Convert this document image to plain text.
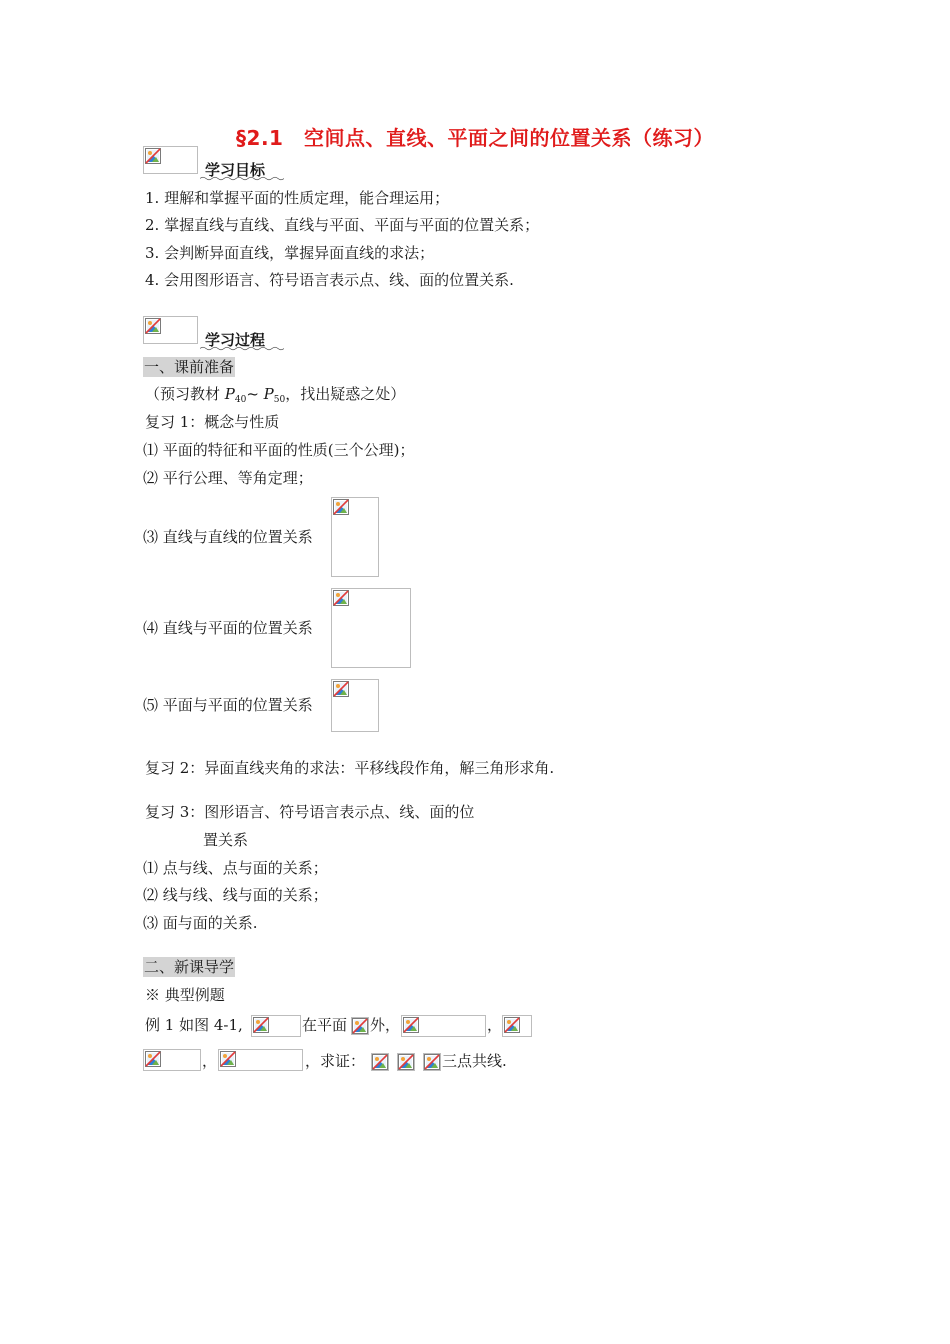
§2.1　空间点、直线、平面之间的位置关系（练习）
学习目标
1. 理解和掌握平面的性质定理，能合理运用；
2. 掌握直线与直线、直线与平面、平面与平面的位置关系；
3. 会判断异面直线，掌握异面直线的求法；
4. 会用图形语言、符号语言表示点、线、面的位置关系.
学习过程
一、课前准备
（预习教材 $P_{40}\sim$ $P_{50}$，找出疑惑之处）
复习 1：概念与性质
⑴ 平面的特征和平面的性质(三个公理)；
⑵ 平行公理、等角定理；
⑶ 直线与直线的位置关系
⑷ 直线与平面的位置关系
⑸ 平面与平面的位置关系
复习 2：异面直线夹角的求法：平移线段作角，解三角形求角.
复习 3：图形语言、符号语言表示点、线、面的位
置关系
⑴ 点与线、点与面的关系；
⑵ 线与线、线与面的关系；
⑶ 面与面的关系.
二、新课导学
※ 典型例题
例 1 如图 4-1,	在平面 外，	，
，	，求证：	三点共线.
